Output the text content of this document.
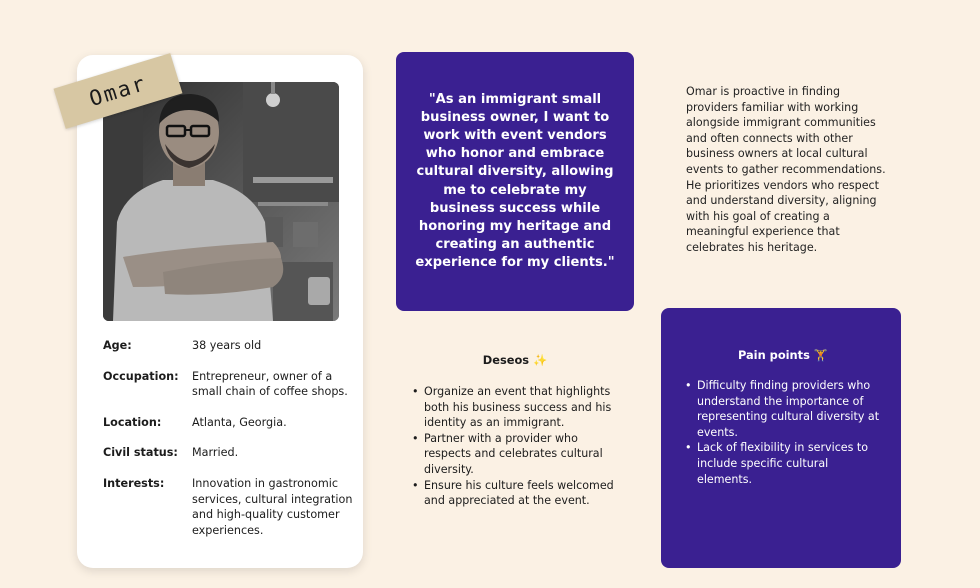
Age:	38 years old
Occupation:	Entrepreneur, owner of a small chain of coffee shops.
Location:	Atlanta, Georgia.
Civil status:	Married.
Interests:	Innovation in gastronomic services, cultural integration and high-quality customer experiences.
Omar	"As an immigrant small business owner, I want to work with event vendors who honor and embrace cultural diversity, allowing me to celebrate my business success while honoring my heritage and creating an authentic experience for my clients."

Omar is proactive in finding providers familiar with working alongside immigrant communities and often connects with other business owners at local cultural events to gather recommendations. He prioritizes vendors who respect and understand diversity, aligning with his goal of creating a meaningful experience that celebrates his heritage.

Deseos ✨
• Organize an event that highlights both his business success and his identity as an immigrant.
• Partner with a provider who respects and celebrates cultural diversity.
• Ensure his culture feels welcomed and appreciated at the event.
Pain points 🏋
• Difficulty finding providers who understand the importance of representing cultural diversity at events.
• Lack of flexibility in services to include specific cultural elements.
